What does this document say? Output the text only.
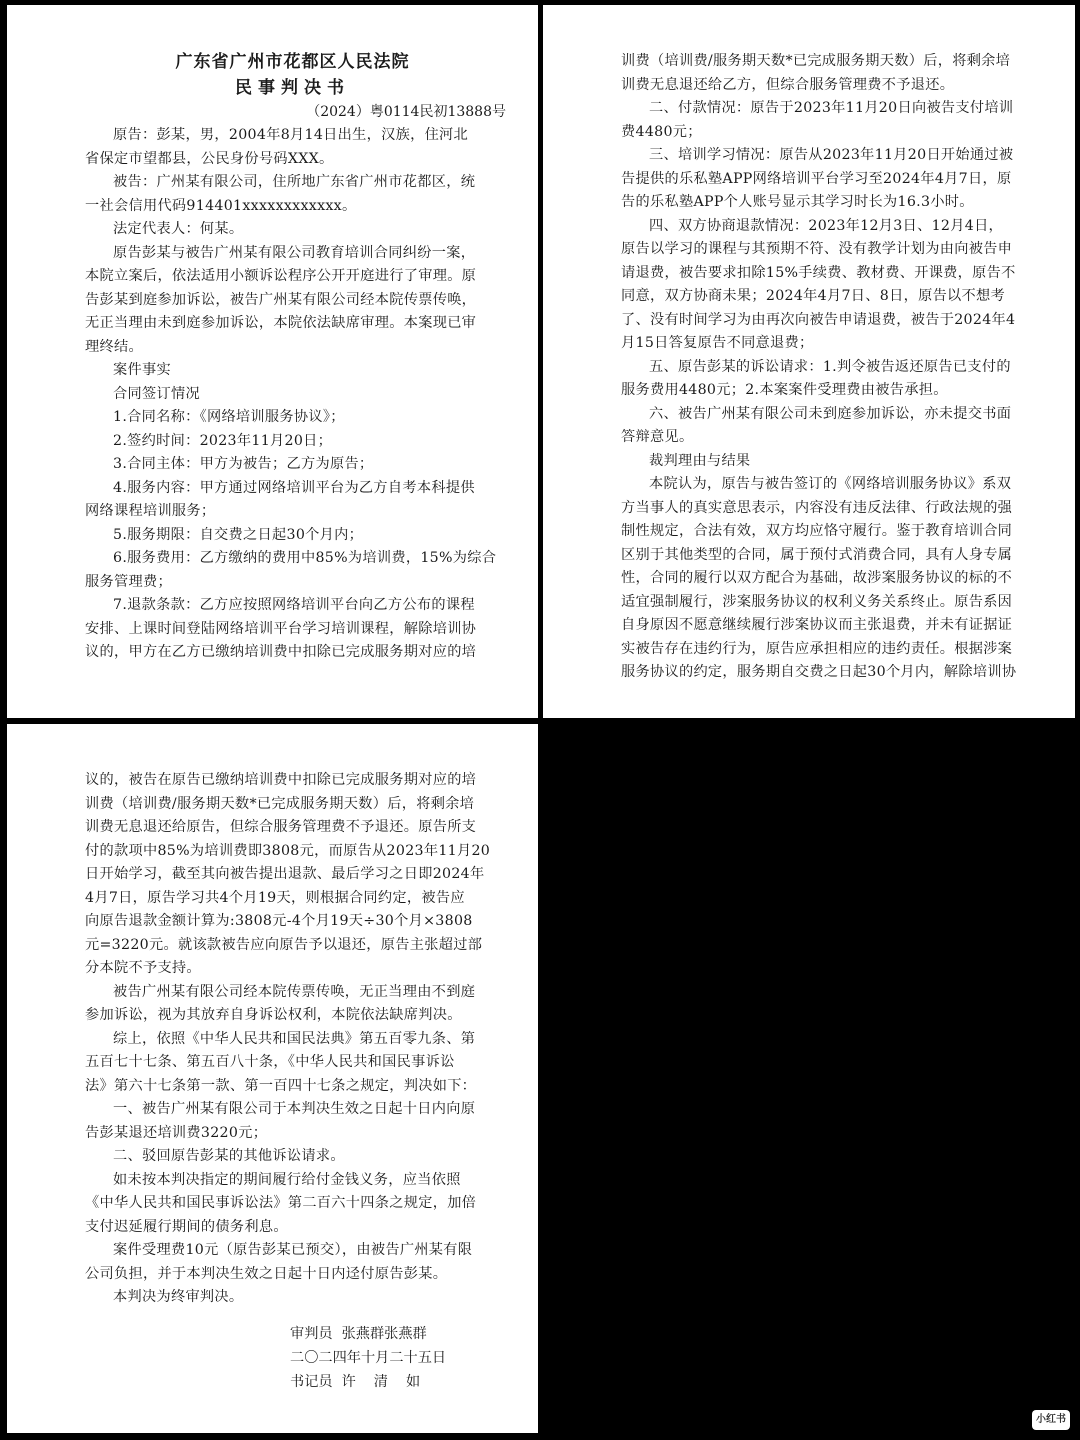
广东省广州市花都区人民法院
民事判决书
（2024）粤0114民初13888号
原告：彭某，男，2004年8月14日出生，汉族，住河北
省保定市望都县，公民身份号码XXX。
被告：广州某有限公司，住所地广东省广州市花都区，统
一社会信用代码914401xxxxxxxxxxxx。
法定代表人：何某。
原告彭某与被告广州某有限公司教育培训合同纠纷一案，
本院立案后，依法适用小额诉讼程序公开开庭进行了审理。原
告彭某到庭参加诉讼，被告广州某有限公司经本院传票传唤，
无正当理由未到庭参加诉讼，本院依法缺席审理。本案现已审
理终结。
案件事实
合同签订情况
1.合同名称：《网络培训服务协议》；
2.签约时间：2023年11月20日；
3.合同主体：甲方为被告；乙方为原告；
4.服务内容：甲方通过网络培训平台为乙方自考本科提供
网络课程培训服务；
5.服务期限：自交费之日起30个月内；
6.服务费用：乙方缴纳的费用中85%为培训费，15%为综合
服务管理费；
7.退款条款：乙方应按照网络培训平台向乙方公布的课程
安排、上课时间登陆网络培训平台学习培训课程，解除培训协
议的，甲方在乙方已缴纳培训费中扣除已完成服务期对应的培
训费（培训费/服务期天数*已完成服务期天数）后，将剩余培
训费无息退还给乙方，但综合服务管理费不予退还。
二、付款情况：原告于2023年11月20日向被告支付培训
费4480元；
三、培训学习情况：原告从2023年11月20日开始通过被
告提供的乐私塾APP网络培训平台学习至2024年4月7日，原
告的乐私塾APP个人账号显示其学习时长为16.3小时。
四、双方协商退款情况：2023年12月3日、12月4日，
原告以学习的课程与其预期不符、没有教学计划为由向被告申
请退费，被告要求扣除15%手续费、教材费、开课费，原告不
同意，双方协商未果；2024年4月7日、8日，原告以不想考
了、没有时间学习为由再次向被告申请退费，被告于2024年4
月15日答复原告不同意退费；
五、原告彭某的诉讼请求：1.判令被告返还原告已支付的
服务费用4480元；2.本案案件受理费由被告承担。
六、被告广州某有限公司未到庭参加诉讼，亦未提交书面
答辩意见。
裁判理由与结果
本院认为，原告与被告签订的《网络培训服务协议》系双
方当事人的真实意思表示，内容没有违反法律、行政法规的强
制性规定，合法有效，双方均应恪守履行。鉴于教育培训合同
区别于其他类型的合同，属于预付式消费合同，具有人身专属
性，合同的履行以双方配合为基础，故涉案服务协议的标的不
适宜强制履行，涉案服务协议的权利义务关系终止。原告系因
自身原因不愿意继续履行涉案协议而主张退费，并未有证据证
实被告存在违约行为，原告应承担相应的违约责任。根据涉案
服务协议的约定，服务期自交费之日起30个月内，解除培训协
议的，被告在原告已缴纳培训费中扣除已完成服务期对应的培
训费（培训费/服务期天数*已完成服务期天数）后，将剩余培
训费无息退还给原告，但综合服务管理费不予退还。原告所支
付的款项中85%为培训费即3808元，而原告从2023年11月20
日开始学习，截至其向被告提出退款、最后学习之日即2024年
4月7日，原告学习共4个月19天，则根据合同约定，被告应
向原告退款金额计算为:3808元-4个月19天÷30个月×3808
元=3220元。就该款被告应向原告予以退还，原告主张超过部
分本院不予支持。
被告广州某有限公司经本院传票传唤，无正当理由不到庭
参加诉讼，视为其放弃自身诉讼权利，本院依法缺席判决。
综上，依照《中华人民共和国民法典》第五百零九条、第
五百七十七条、第五百八十条，《中华人民共和国民事诉讼
法》第六十七条第一款、第一百四十七条之规定，判决如下：
一、被告广州某有限公司于本判决生效之日起十日内向原
告彭某退还培训费3220元；
二、驳回原告彭某的其他诉讼请求。
如未按本判决指定的期间履行给付金钱义务，应当依照
《中华人民共和国民事诉讼法》第二百六十四条之规定，加倍
支付迟延履行期间的债务利息。
案件受理费10元（原告彭某已预交），由被告广州某有限
公司负担，并于本判决生效之日起十日内迳付原告彭某。
本判决为终审判决。
审判员  张燕群张燕群
二〇二四年十月二十五日
书记员  许    清    如
小红书
